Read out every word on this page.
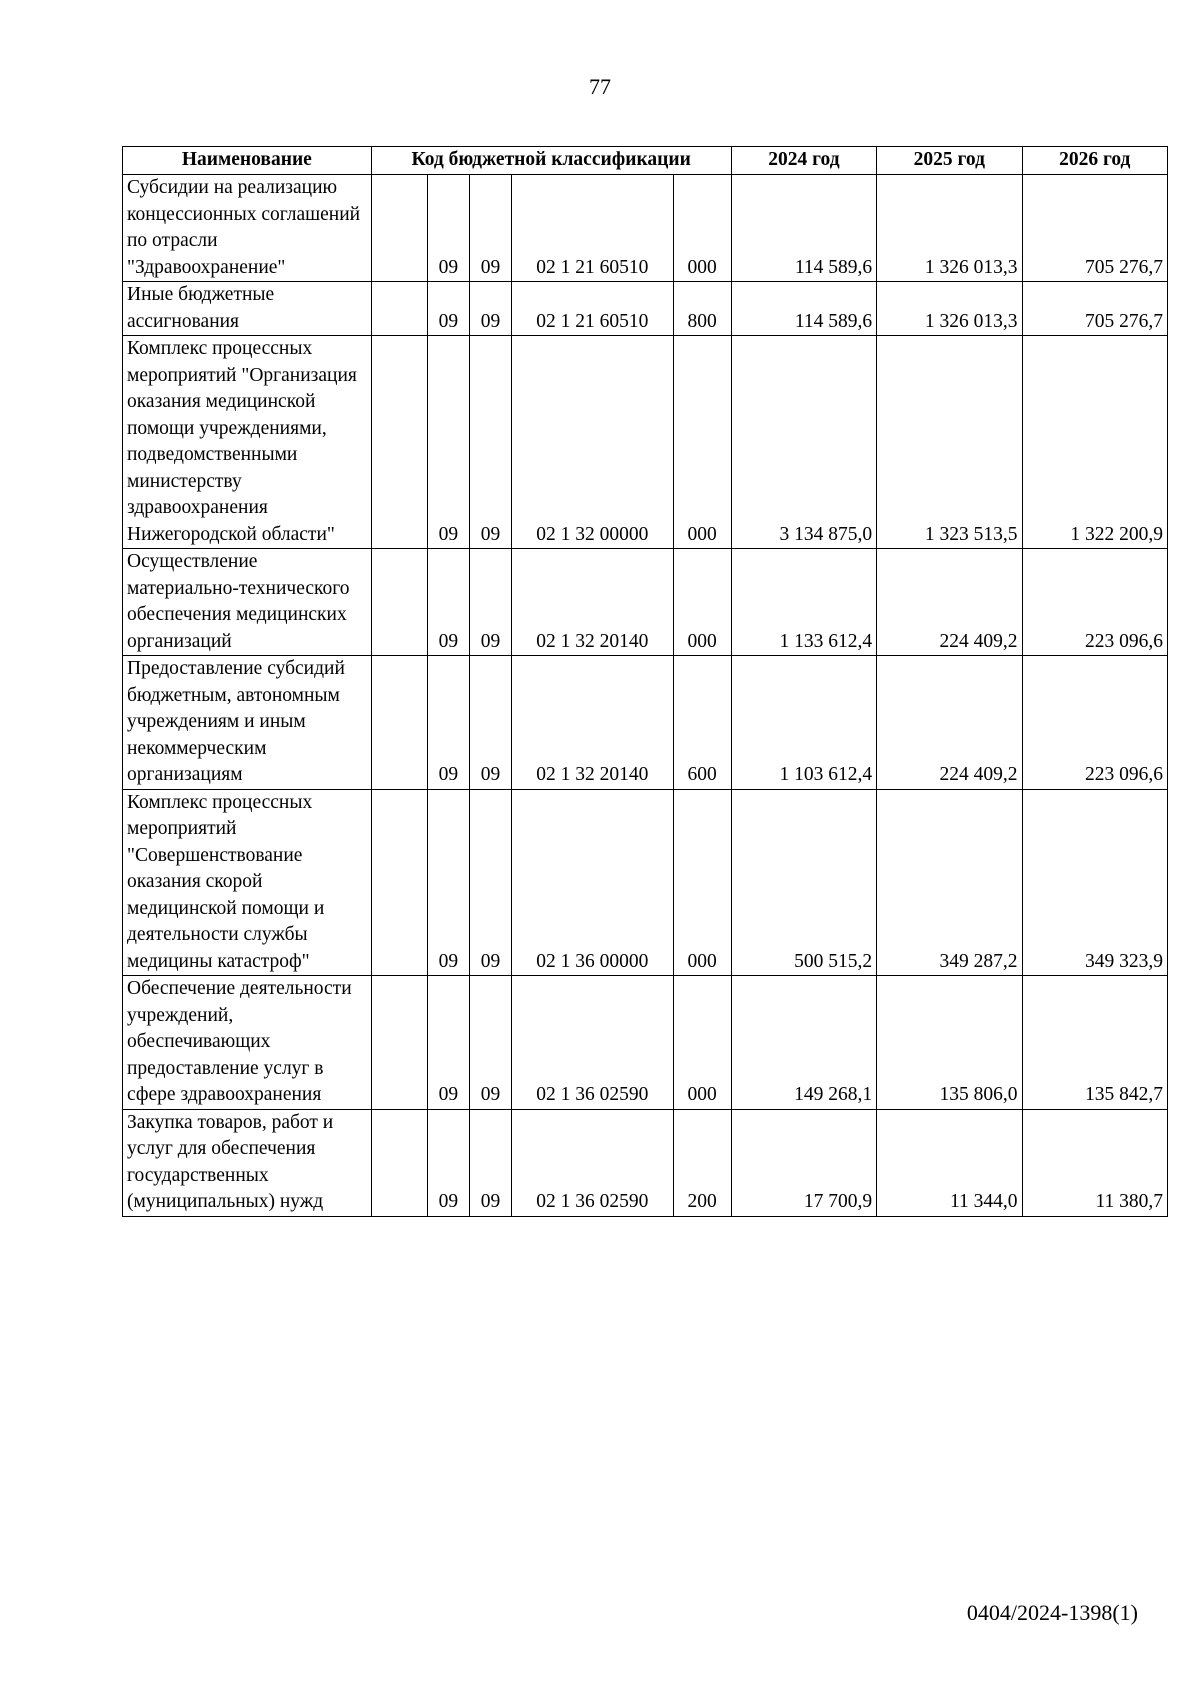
77
Наименование	Код бюджетной классификации					2024 год	2025 год	2026 год
Субсидии на реализацию концессионных соглашений по отрасли "Здравоохранение"		09	09	02 1 21 60510	000	114 589,6	1 326 013,3	705 276,7
Иные бюджетные ассигнования		09	09	02 1 21 60510	800	114 589,6	1 326 013,3	705 276,7
Комплекс процессных мероприятий "Организация оказания медицинской помощи учреждениями, подведомственными министерству здравоохранения Нижегородской области"		09	09	02 1 32 00000	000	3 134 875,0	1 323 513,5	1 322 200,9
Осуществление материально-технического обеспечения медицинских организаций		09	09	02 1 32 20140	000	1 133 612,4	224 409,2	223 096,6
Предоставление субсидий бюджетным, автономным учреждениям и иным некоммерческим организациям		09	09	02 1 32 20140	600	1 103 612,4	224 409,2	223 096,6
Комплекс процессных мероприятий "Совершенствование оказания скорой медицинской помощи и деятельности службы медицины катастроф"		09	09	02 1 36 00000	000	500 515,2	349 287,2	349 323,9
Обеспечение деятельности учреждений, обеспечивающих предоставление услуг в сфере здравоохранения		09	09	02 1 36 02590	000	149 268,1	135 806,0	135 842,7
Закупка товаров, работ и услуг для обеспечения государственных (муниципальных) нужд		09	09	02 1 36 02590	200	17 700,9	11 344,0	11 380,7
0404/2024-1398(1)
